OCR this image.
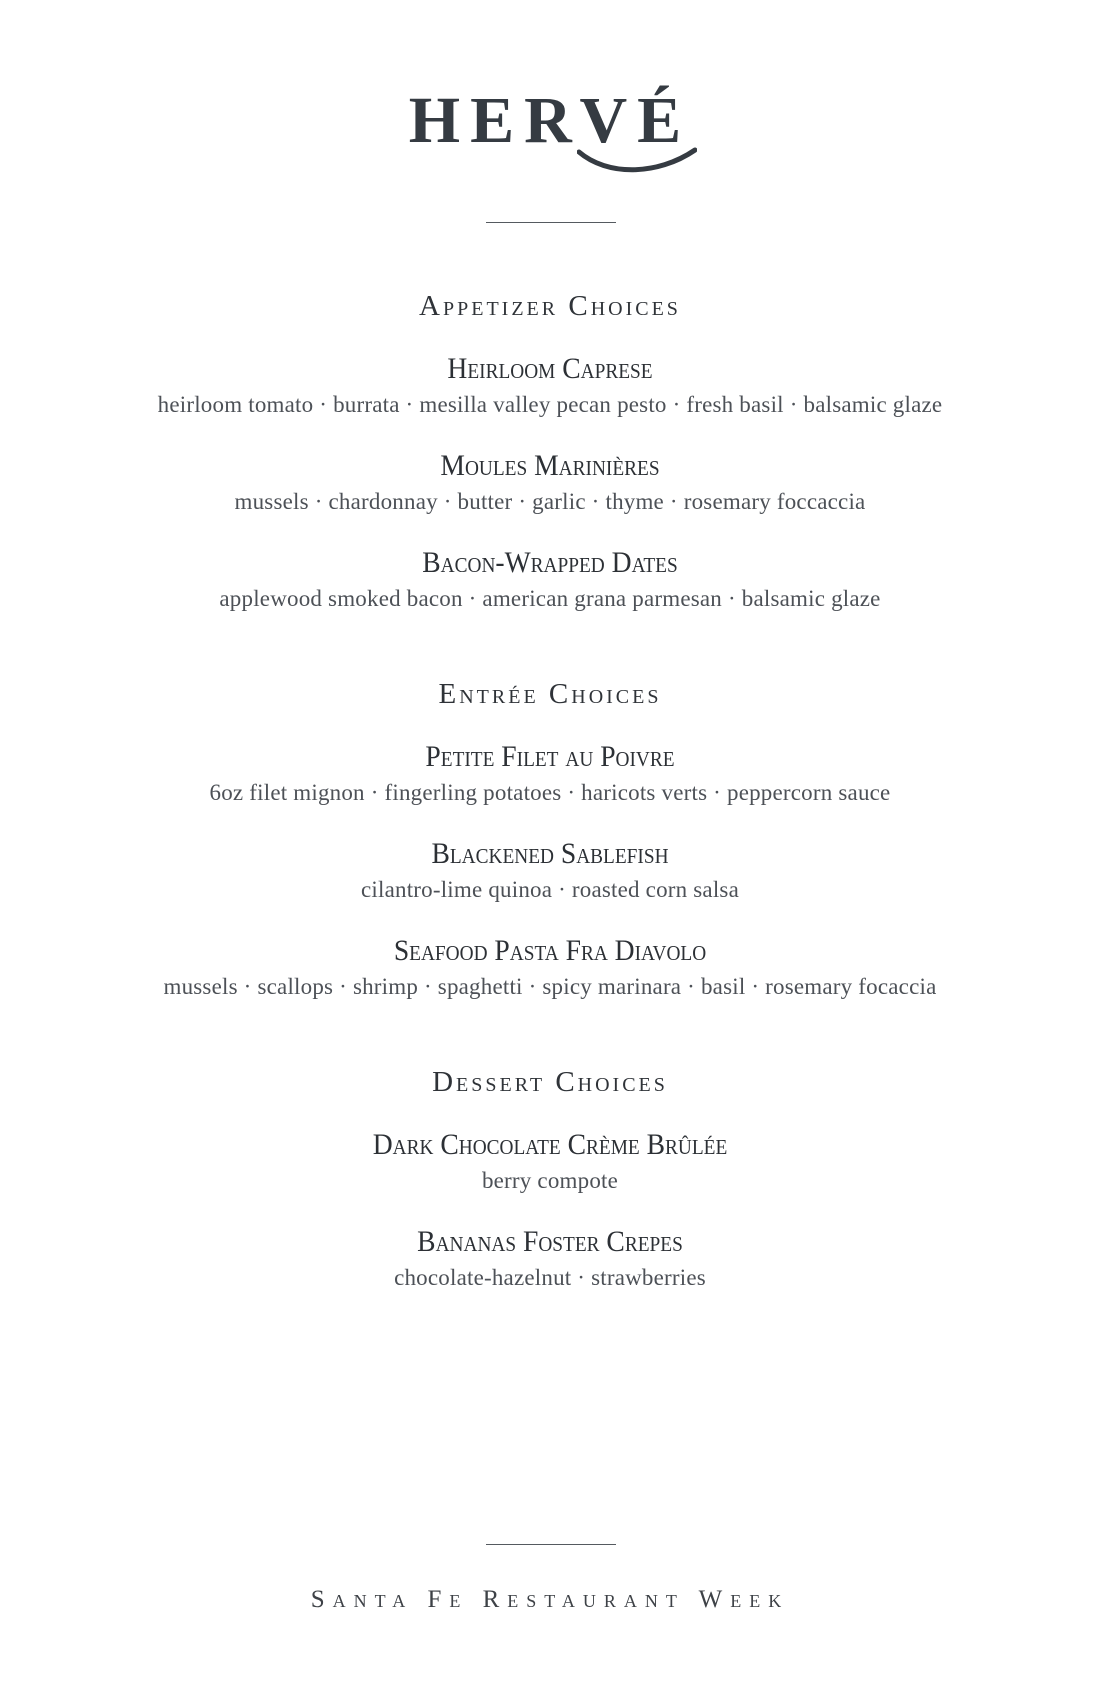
HERVÉ
Appetizer Choices
Heirloom Caprese
heirloom tomato · burrata · mesilla valley pecan pesto · fresh basil · balsamic glaze
Moules Marinières
mussels · chardonnay · butter · garlic · thyme · rosemary foccaccia
Bacon-Wrapped Dates
applewood smoked bacon · american grana parmesan · balsamic glaze
Entrée Choices
Petite Filet au Poivre
6oz filet mignon · fingerling potatoes · haricots verts · peppercorn sauce
Blackened Sablefish
cilantro-lime quinoa · roasted corn salsa
Seafood Pasta Fra Diavolo
mussels · scallops · shrimp · spaghetti · spicy marinara · basil · rosemary focaccia
Dessert Choices
Dark Chocolate Crème Brûlée
berry compote
Bananas Foster Crepes
chocolate-hazelnut · strawberries
Santa Fe Restaurant Week
